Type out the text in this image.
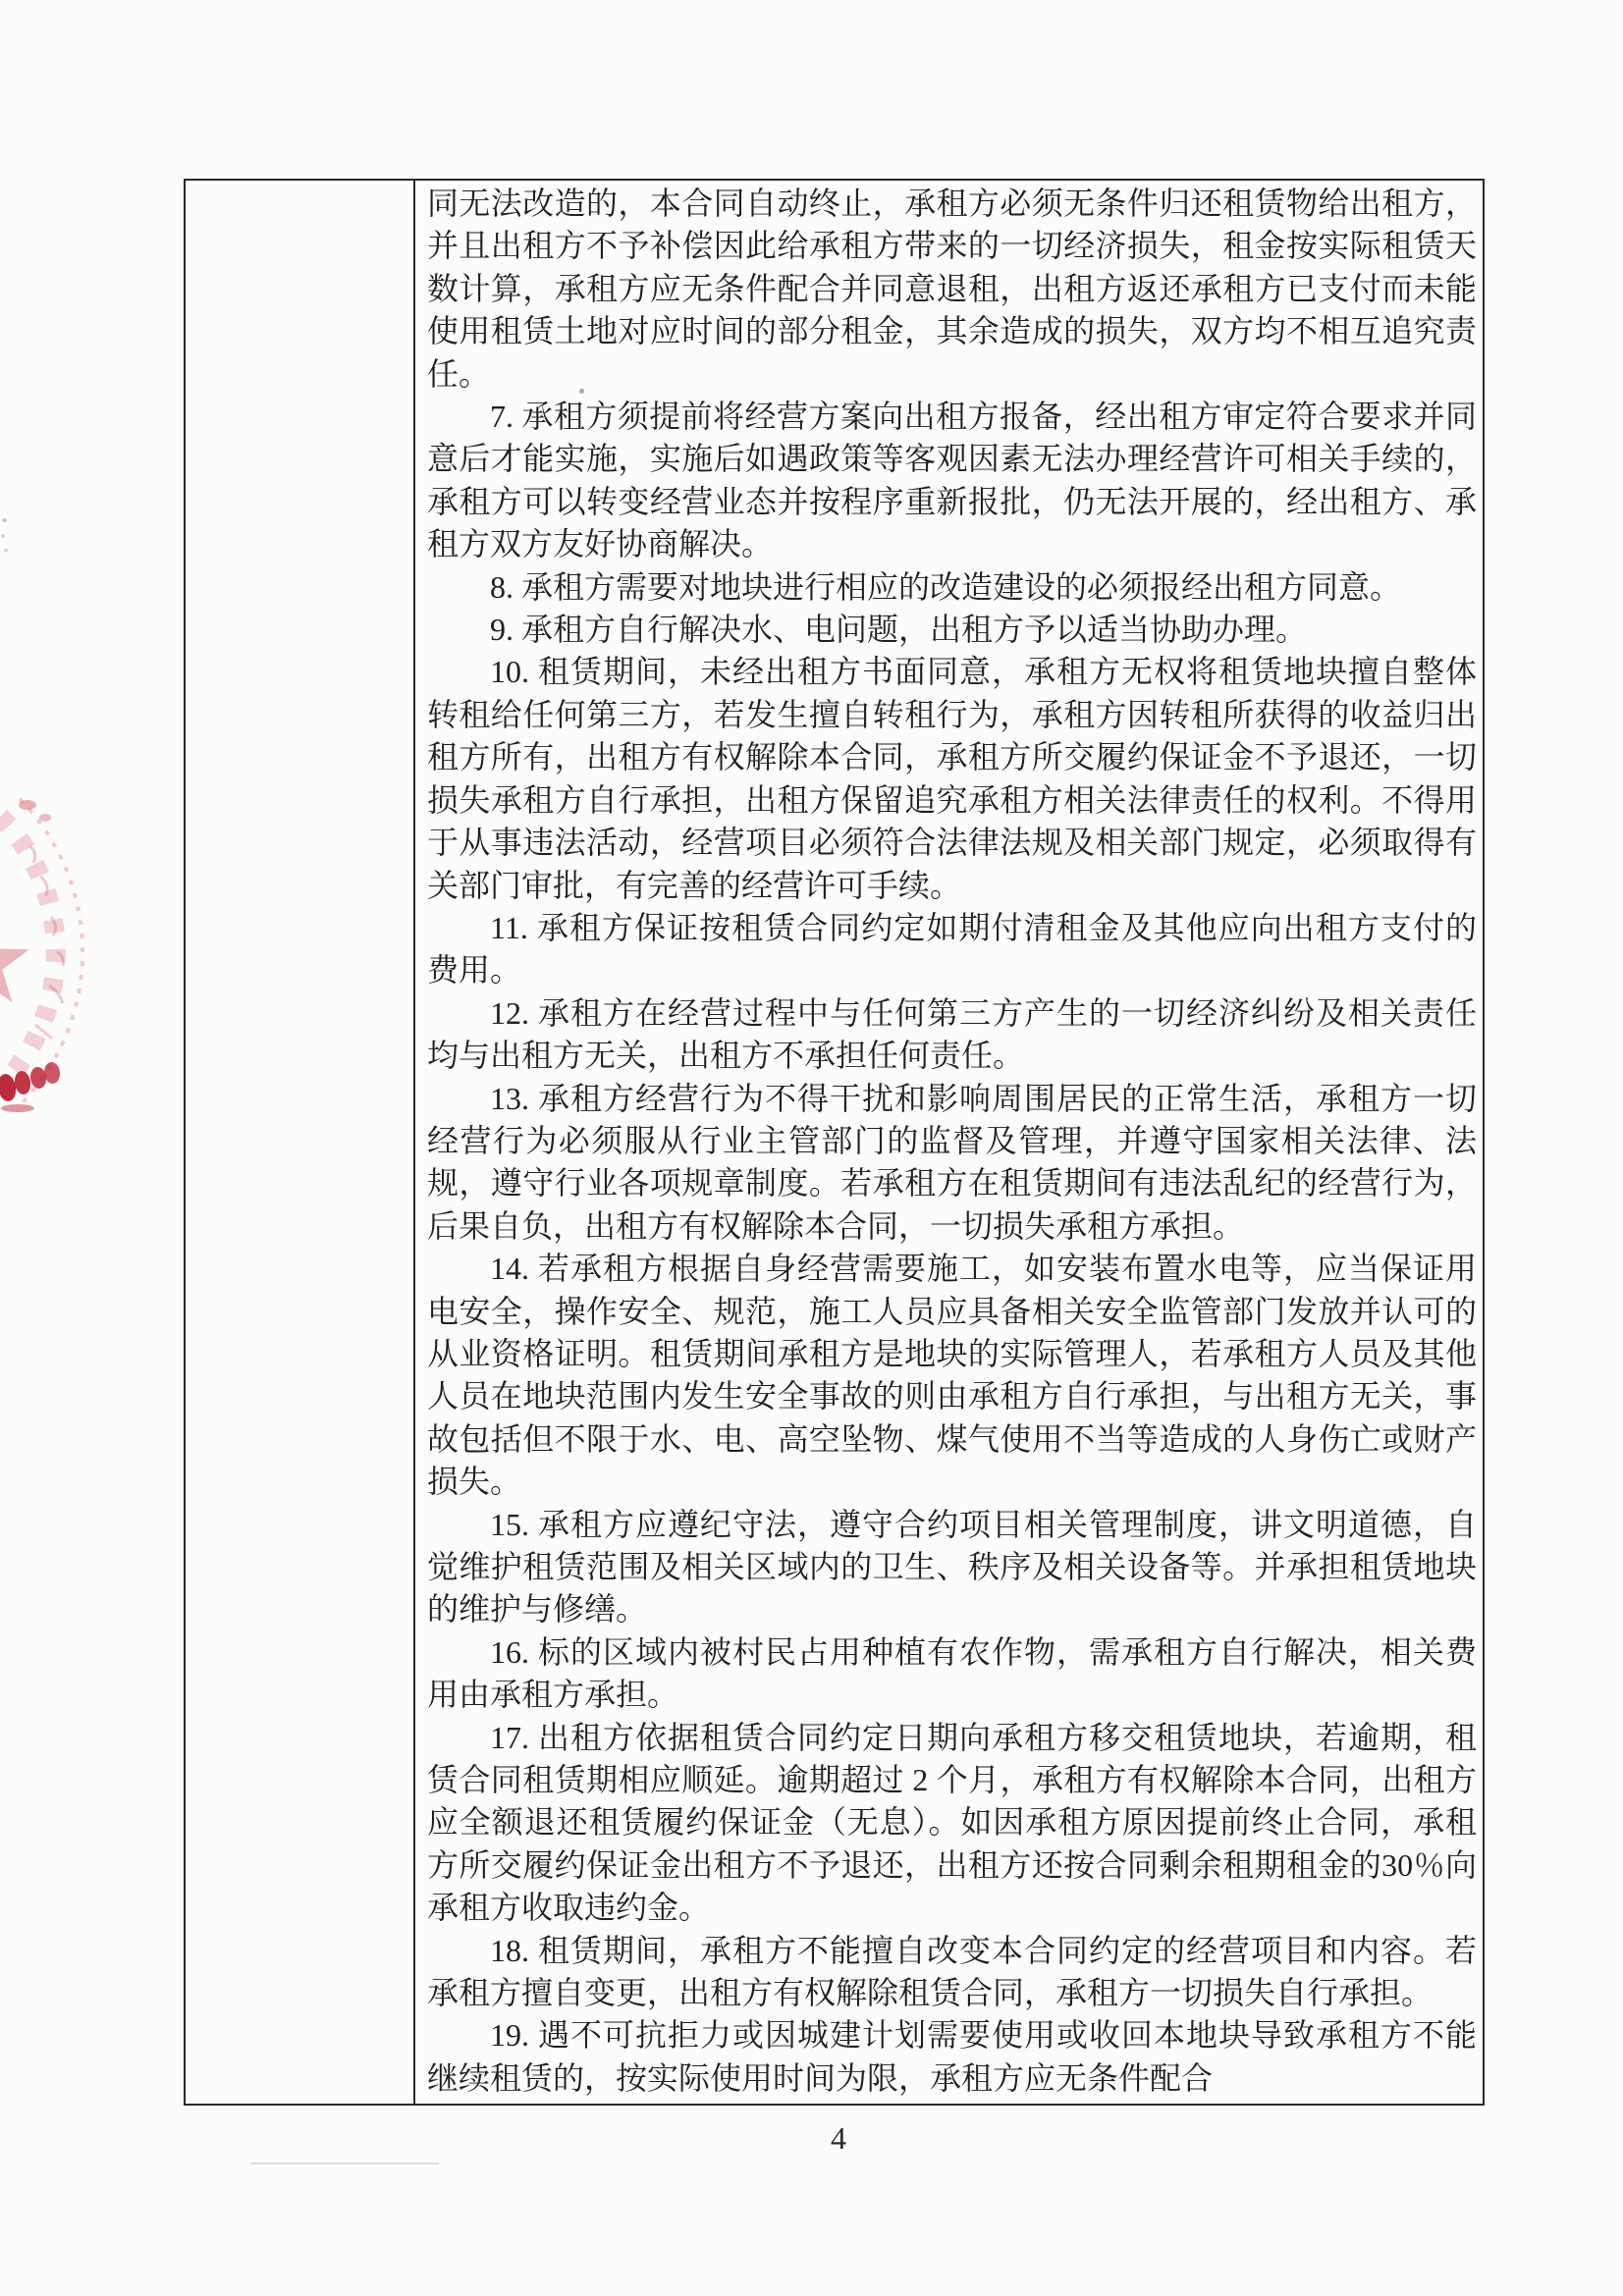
同无法改造的，本合同自动终止，承租方必须无条件归还租赁物给出租方，并且出租方不予补偿因此给承租方带来的一切经济损失，租金按实际租赁天数计算，承租方应无条件配合并同意退租，出租方返还承租方已支付而未能使用租赁土地对应时间的部分租金，其余造成的损失，双方均不相互追究责任。

7. 承租方须提前将经营方案向出租方报备，经出租方审定符合要求并同意后才能实施，实施后如遇政策等客观因素无法办理经营许可相关手续的，承租方可以转变经营业态并按程序重新报批，仍无法开展的，经出租方、承租方双方友好协商解决。

8. 承租方需要对地块进行相应的改造建设的必须报经出租方同意。

9. 承租方自行解决水、电问题，出租方予以适当协助办理。

10. 租赁期间，未经出租方书面同意，承租方无权将租赁地块擅自整体转租给任何第三方，若发生擅自转租行为，承租方因转租所获得的收益归出租方所有，出租方有权解除本合同，承租方所交履约保证金不予退还，一切损失承租方自行承担，出租方保留追究承租方相关法律责任的权利。不得用于从事违法活动，经营项目必须符合法律法规及相关部门规定，必须取得有关部门审批，有完善的经营许可手续。

11. 承租方保证按租赁合同约定如期付清租金及其他应向出租方支付的费用。

12. 承租方在经营过程中与任何第三方产生的一切经济纠纷及相关责任均与出租方无关，出租方不承担任何责任。

13. 承租方经营行为不得干扰和影响周围居民的正常生活，承租方一切经营行为必须服从行业主管部门的监督及管理，并遵守国家相关法律、法规，遵守行业各项规章制度。若承租方在租赁期间有违法乱纪的经营行为，后果自负，出租方有权解除本合同，一切损失承租方承担。

14. 若承租方根据自身经营需要施工，如安装布置水电等，应当保证用电安全，操作安全、规范，施工人员应具备相关安全监管部门发放并认可的从业资格证明。租赁期间承租方是地块的实际管理人，若承租方人员及其他人员在地块范围内发生安全事故的则由承租方自行承担，与出租方无关，事故包括但不限于水、电、高空坠物、煤气使用不当等造成的人身伤亡或财产损失。

15. 承租方应遵纪守法，遵守合约项目相关管理制度，讲文明道德，自觉维护租赁范围及相关区域内的卫生、秩序及相关设备等。并承担租赁地块的维护与修缮。

16. 标的区域内被村民占用种植有农作物，需承租方自行解决，相关费用由承租方承担。

17. 出租方依据租赁合同约定日期向承租方移交租赁地块，若逾期，租赁合同租赁期相应顺延。逾期超过 2 个月，承租方有权解除本合同，出租方应全额退还租赁履约保证金（无息）。如因承租方原因提前终止合同，承租方所交履约保证金出租方不予退还，出租方还按合同剩余租期租金的30％向承租方收取违约金。

18. 租赁期间，承租方不能擅自改变本合同约定的经营项目和内容。若承租方擅自变更，出租方有权解除租赁合同，承租方一切损失自行承担。

19. 遇不可抗拒力或因城建计划需要使用或收回本地块导致承租方不能继续租赁的，按实际使用时间为限，承租方应无条件配合

4
